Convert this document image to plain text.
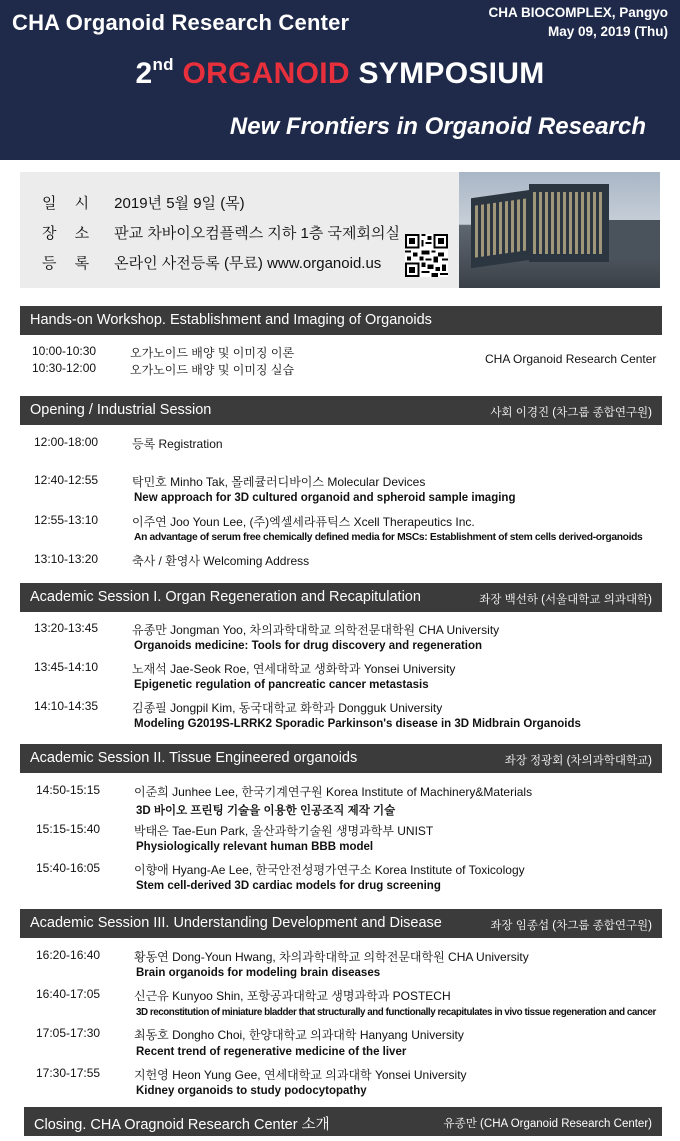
CHA Organoid Research Center	CHA BIOCOMPLEX, Pangyo
May 09, 2019 (Thu)
2nd ORGANOID SYMPOSIUM
New Frontiers in Organoid Research
일 시 2019년 5월 9일 (목)
장 소 판교 차바이오컴플렉스 지하 1층 국제회의실
등 록 온라인 사전등록 (무료) www.organoid.us
Hands-on Workshop. Establishment and Imaging of Organoids
10:00-10:30	오가노이드 배양 및 이미징 이론
10:30-12:00	오가노이드 배양 및 이미징 실습
CHA Organoid Research Center
Opening / Industrial Session	사회 이경진 (차그룹 종합연구원)
12:00-18:00	등록 Registration
12:40-12:55	탁민호 Minho Tak, 몰레큘러디바이스 Molecular Devices
New approach for 3D cultured organoid and spheroid sample imaging
12:55-13:10	이주연 Joo Youn Lee, (주)엑셀세라퓨틱스 Xcell Therapeutics Inc.
An advantage of serum free chemically defined media for MSCs: Establishment of stem cells derived-organoids
13:10-13:20	축사 / 환영사 Welcoming Address
Academic Session I. Organ Regeneration and Recapitulation	좌장 백선하 (서울대학교 의과대학)
13:20-13:45	유종만 Jongman Yoo, 차의과학대학교 의학전문대학원 CHA University
Organoids medicine: Tools for drug discovery and regeneration
13:45-14:10	노재석 Jae-Seok Roe, 연세대학교 생화학과 Yonsei University
Epigenetic regulation of pancreatic cancer metastasis
14:10-14:35	김종필 Jongpil Kim, 동국대학교 화학과 Dongguk University
Modeling G2019S-LRRK2 Sporadic Parkinson's disease in 3D Midbrain Organoids
Academic Session II. Tissue Engineered organoids	좌장 정광회 (차의과학대학교)
14:50-15:15	이준희 Junhee Lee, 한국기계연구원 Korea Institute of Machinery&Materials
3D 바이오 프린팅 기술을 이용한 인공조직 제작 기술
15:15-15:40	박태은 Tae-Eun Park, 울산과학기술원 생명과학부 UNIST
Physiologically relevant human BBB model
15:40-16:05	이향애 Hyang-Ae Lee, 한국안전성평가연구소 Korea Institute of Toxicology
Stem cell-derived 3D cardiac models for drug screening
Academic Session III. Understanding Development and Disease	좌장 임종섭 (차그룹 종합연구원)
16:20-16:40	황동연 Dong-Youn Hwang, 차의과학대학교 의학전문대학원 CHA University
Brain organoids for modeling brain diseases
16:40-17:05	신근유 Kunyoo Shin, 포항공과대학교 생명과학과 POSTECH
3D reconstitution of miniature bladder that structurally and functionally recapitulates in vivo tissue regeneration and cancer
17:05-17:30	최동호 Dongho Choi, 한양대학교 의과대학 Hanyang University
Recent trend of regenerative medicine of the liver
17:30-17:55	지헌영 Heon Yung Gee, 연세대학교 의과대학 Yonsei University
Kidney organoids to study podocytopathy
Closing. CHA Oragnoid Research Center 소개	유종만 (CHA Organoid Research Center)
